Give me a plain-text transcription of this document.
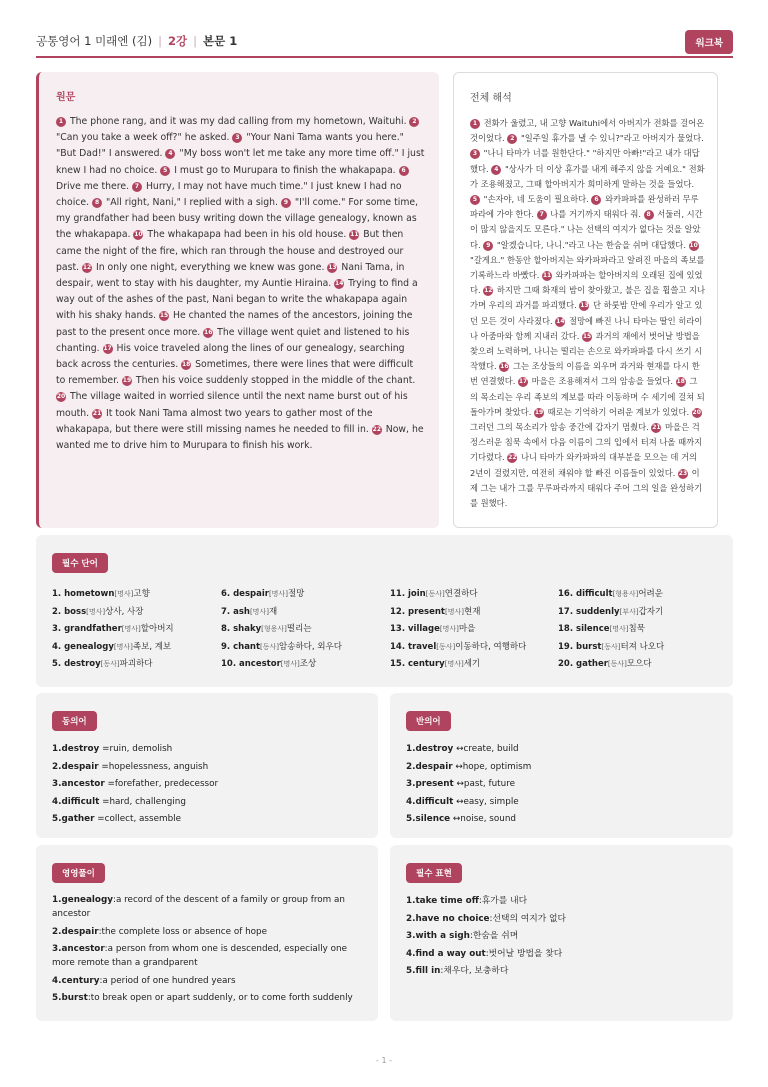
공통영어 1 미래엔 (김) | 2강 | 본문 1	워크북
원문
1 The phone rang, and it was my dad calling from my hometown, Waituhi. 2 "Can you take a week off?" he asked. 3 "Your Nani Tama wants you here." "But Dad!" I answered. 4 "My boss won't let me take any more time off." I just knew I had no choice. 5 I must go to Murupara to finish the whakapapa. 6 Drive me there. 7 Hurry, I may not have much time." I just knew I had no choice. 8 "All right, Nani," I replied with a sigh. 9 "I'll come." For some time, my grandfather had been busy writing down the village genealogy, known as the whakapapa. 10 The whakapapa had been in his old house. 11 But then came the night of the fire, which ran through the house and destroyed our past. 12 In only one night, everything we knew was gone. 13 Nani Tama, in despair, went to stay with his daughter, my Auntie Hiraina. 14 Trying to find a way out of the ashes of the past, Nani began to write the whakapapa again with his shaky hands. 15 He chanted the names of the ancestors, joining the past to the present once more. 16 The village went quiet and listened to his chanting. 17 His voice traveled along the lines of our genealogy, searching back across the centuries. 18 Sometimes, there were lines that were difficult to remember. 19 Then his voice suddenly stopped in the middle of the chant. 20 The village waited in worried silence until the next name burst out of his mouth. 21 It took Nani Tama almost two years to gather most of the whakapapa, but there were still missing names he needed to fill in. 22 Now, he wanted me to drive him to Murupara to finish his work.
전체 해석
1 전화가 울렸고, 내 고향 Waituhi에서 아버지가 전화를 걸어온 것이었다. 2 "일주일 휴가를 낼 수 있니?"라고 아버지가 물었다. 3 "나니 타마가 너를 원한단다." "하지만 아빠!"라고 내가 대답했다. 4 "상사가 더 이상 휴가를 내게 해주지 않을 거예요." 전화가 조용해졌고, 그때 할아버지가 희미하게 말하는 것을 들었다. 5 "손자야, 네 도움이 필요하다. 6 와카파파를 완성하러 무루파라에 가야 한다. 7 나를 거기까지 태워다 줘. 8 서둘러, 시간이 많지 않을지도 모른다." 나는 선택의 여지가 없다는 것을 알았다. 9 "알겠습니다, 나니."라고 나는 한숨을 쉬며 대답했다. 10 "갈게요." 한동안 할아버지는 와카파파라고 알려진 마을의 족보를 기록하느라 바빴다. 11 와카파파는 할아버지의 오래된 집에 있었다. 12 하지만 그때 화재의 밤이 찾아왔고, 불은 집을 휩쓸고 지나가며 우리의 과거를 파괴했다. 13 단 하룻밤 만에 우리가 알고 있던 모든 것이 사라졌다. 14 절망에 빠진 나니 타마는 딸인 히라이나 아줌마와 함께 지내러 갔다. 15 과거의 재에서 벗어날 방법을 찾으려 노력하며, 나니는 떨리는 손으로 와카파파를 다시 쓰기 시작했다. 16 그는 조상들의 이름을 외우며 과거와 현재를 다시 한번 연결했다. 17 마을은 조용해져서 그의 암송을 들었다. 18 그의 목소리는 우리 족보의 계보를 따라 이동하며 수 세기에 걸쳐 되돌아가며 찾았다. 19 때로는 기억하기 어려운 계보가 있었다. 20 그러던 그의 목소리가 암송 중간에 갑자기 멈췄다. 21 마을은 걱정스러운 침묵 속에서 다음 이름이 그의 입에서 터져 나올 때까지 기다렸다. 22 나니 타마가 와카파파의 대부분을 모으는 데 거의 2년이 걸렸지만, 여전히 채워야 할 빠진 이름들이 있었다. 23 이제 그는 내가 그를 무루파라까지 태워다 주어 그의 일을 완성하기를 원했다.
필수 단어
1. hometown[명사]고향
2. boss[명사]상사, 사장
3. grandfather[명사]할아버지
4. genealogy[명사]족보, 계보
5. destroy[동사]파괴하다
6. despair[명사]절망
7. ash[명사]재
8. shaky[형용사]떨리는
9. chant[동사]암송하다, 외우다
10. ancestor[명사]조상
11. join[동사]연결하다
12. present[명사]현재
13. village[명사]마을
14. travel[동사]이동하다, 여행하다
15. century[명사]세기
16. difficult[형용사]어려운
17. suddenly[부사]갑자기
18. silence[명사]침묵
19. burst[동사]터져 나오다
20. gather[동사]모으다
동의어
1.destroy =ruin, demolish
2.despair =hopelessness, anguish
3.ancestor =forefather, predecessor
4.difficult =hard, challenging
5.gather =collect, assemble
반의어
1.destroy ↔create, build
2.despair ↔hope, optimism
3.present ↔past, future
4.difficult ↔easy, simple
5.silence ↔noise, sound
영영풀이
1.genealogy:a record of the descent of a family or group from an ancestor
2.despair:the complete loss or absence of hope
3.ancestor:a person from whom one is descended, especially one more remote than a grandparent
4.century:a period of one hundred years
5.burst:to break open or apart suddenly, or to come forth suddenly
필수 표현
1.take time off:휴가를 내다
2.have no choice:선택의 여지가 없다
3.with a sigh:한숨을 쉬며
4.find a way out:벗어날 방법을 찾다
5.fill in:채우다, 보충하다
- 1 -
